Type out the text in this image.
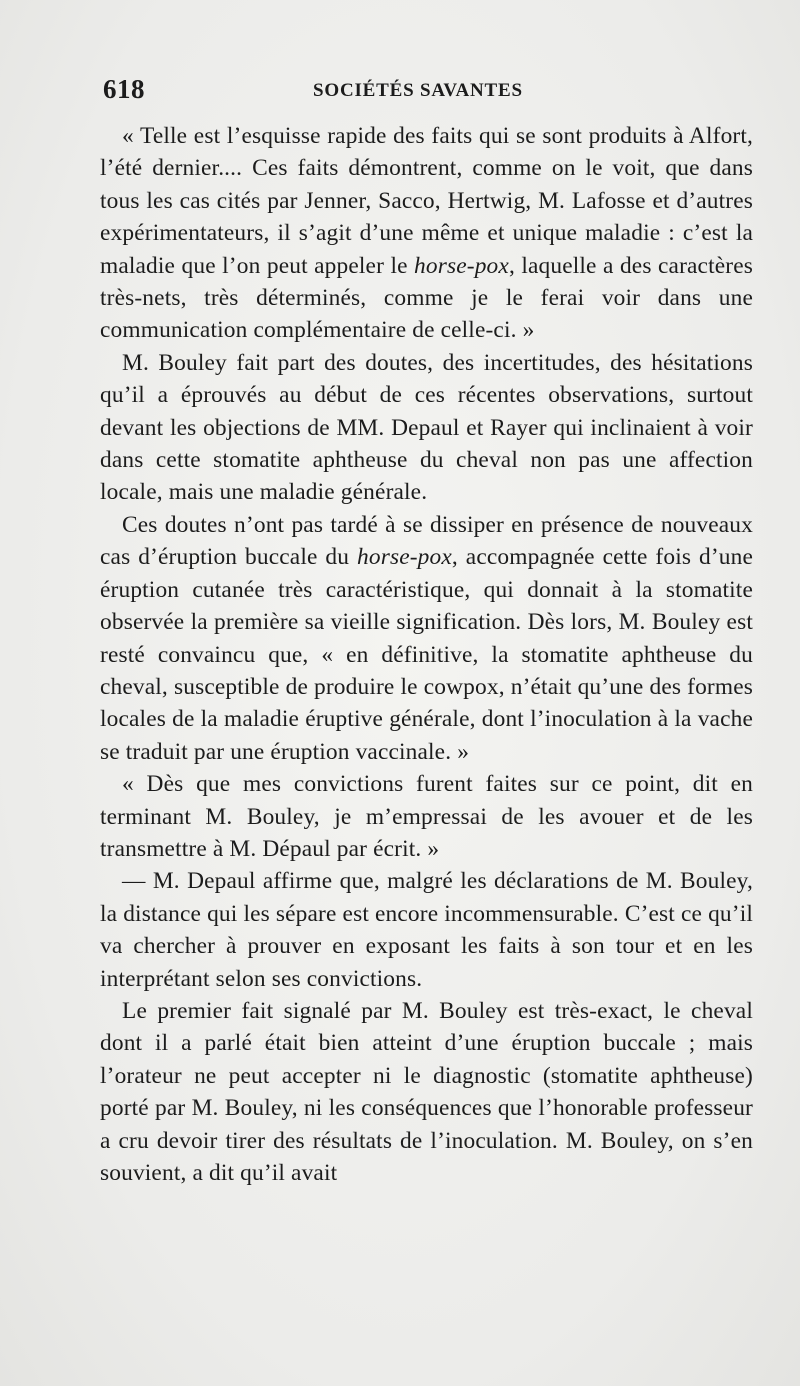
618	SOCIÉTÉS SAVANTES

« Telle est l’esquisse rapide des faits qui se sont produits à Alfort, l’été dernier.... Ces faits démontrent, comme on le voit, que dans tous les cas cités par Jenner, Sacco, Hertwig, M. Lafosse et d’autres expérimentateurs, il s’agit d’une même et unique maladie : c’est la maladie que l’on peut appeler le horse-pox, laquelle a des caractères très-nets, très déterminés, comme je le ferai voir dans une communication complémentaire de celle-ci. »

M. Bouley fait part des doutes, des incertitudes, des hésitations qu’il a éprouvés au début de ces récentes observations, surtout devant les objections de MM. Depaul et Rayer qui inclinaient à voir dans cette stomatite aphtheuse du cheval non pas une affection locale, mais une maladie générale.

Ces doutes n’ont pas tardé à se dissiper en présence de nouveaux cas d’éruption buccale du horse-pox, accompagnée cette fois d’une éruption cutanée très caractéristique, qui donnait à la stomatite observée la première sa vieille signification. Dès lors, M. Bouley est resté convaincu que, « en définitive, la stomatite aphtheuse du cheval, susceptible de produire le cowpox, n’était qu’une des formes locales de la maladie éruptive générale, dont l’inoculation à la vache se traduit par une éruption vaccinale. »

« Dès que mes convictions furent faites sur ce point, dit en terminant M. Bouley, je m’empressai de les avouer et de les transmettre à M. Dépaul par écrit. »

— M. Depaul affirme que, malgré les déclarations de M. Bouley, la distance qui les sépare est encore incommensurable. C’est ce qu’il va chercher à prouver en exposant les faits à son tour et en les interprétant selon ses convictions.

Le premier fait signalé par M. Bouley est très-exact, le cheval dont il a parlé était bien atteint d’une éruption buccale ; mais l’orateur ne peut accepter ni le diagnostic (stomatite aphtheuse) porté par M. Bouley, ni les conséquences que l’honorable professeur a cru devoir tirer des résultats de l’inoculation. M. Bouley, on s’en souvient, a dit qu’il avait
